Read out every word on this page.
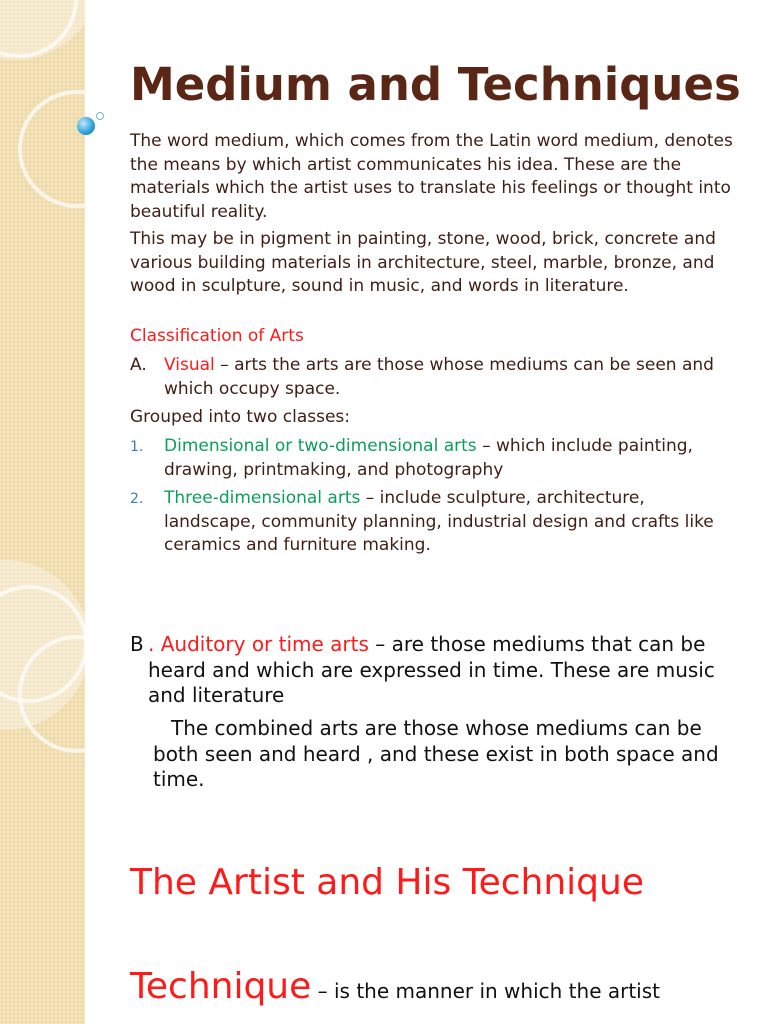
Medium and Techniques

The word medium, which comes from the Latin word medium, denotes the means by which artist communicates his idea. These are the materials which the artist uses to translate his feelings or thought into beautiful reality.

This may be in pigment in painting, stone, wood, brick, concrete and various building materials in architecture, steel, marble, bronze, and wood in sculpture, sound in music, and words in literature.

Classification of Arts

A. Visual – arts the arts are those whose mediums can be seen and which occupy space.

Grouped into two classes:

1. Dimensional or two-dimensional arts – which include painting, drawing, printmaking, and photography
2. Three-dimensional arts – include sculpture, architecture, landscape, community planning, industrial design and crafts like ceramics and furniture making.
B . Auditory or time arts – are those mediums that can be heard and which are expressed in time. These are music and literature

The combined arts are those whose mediums can be both seen and heard , and these exist in both space and time.

The Artist and His Technique
Technique – is the manner in which the artist
